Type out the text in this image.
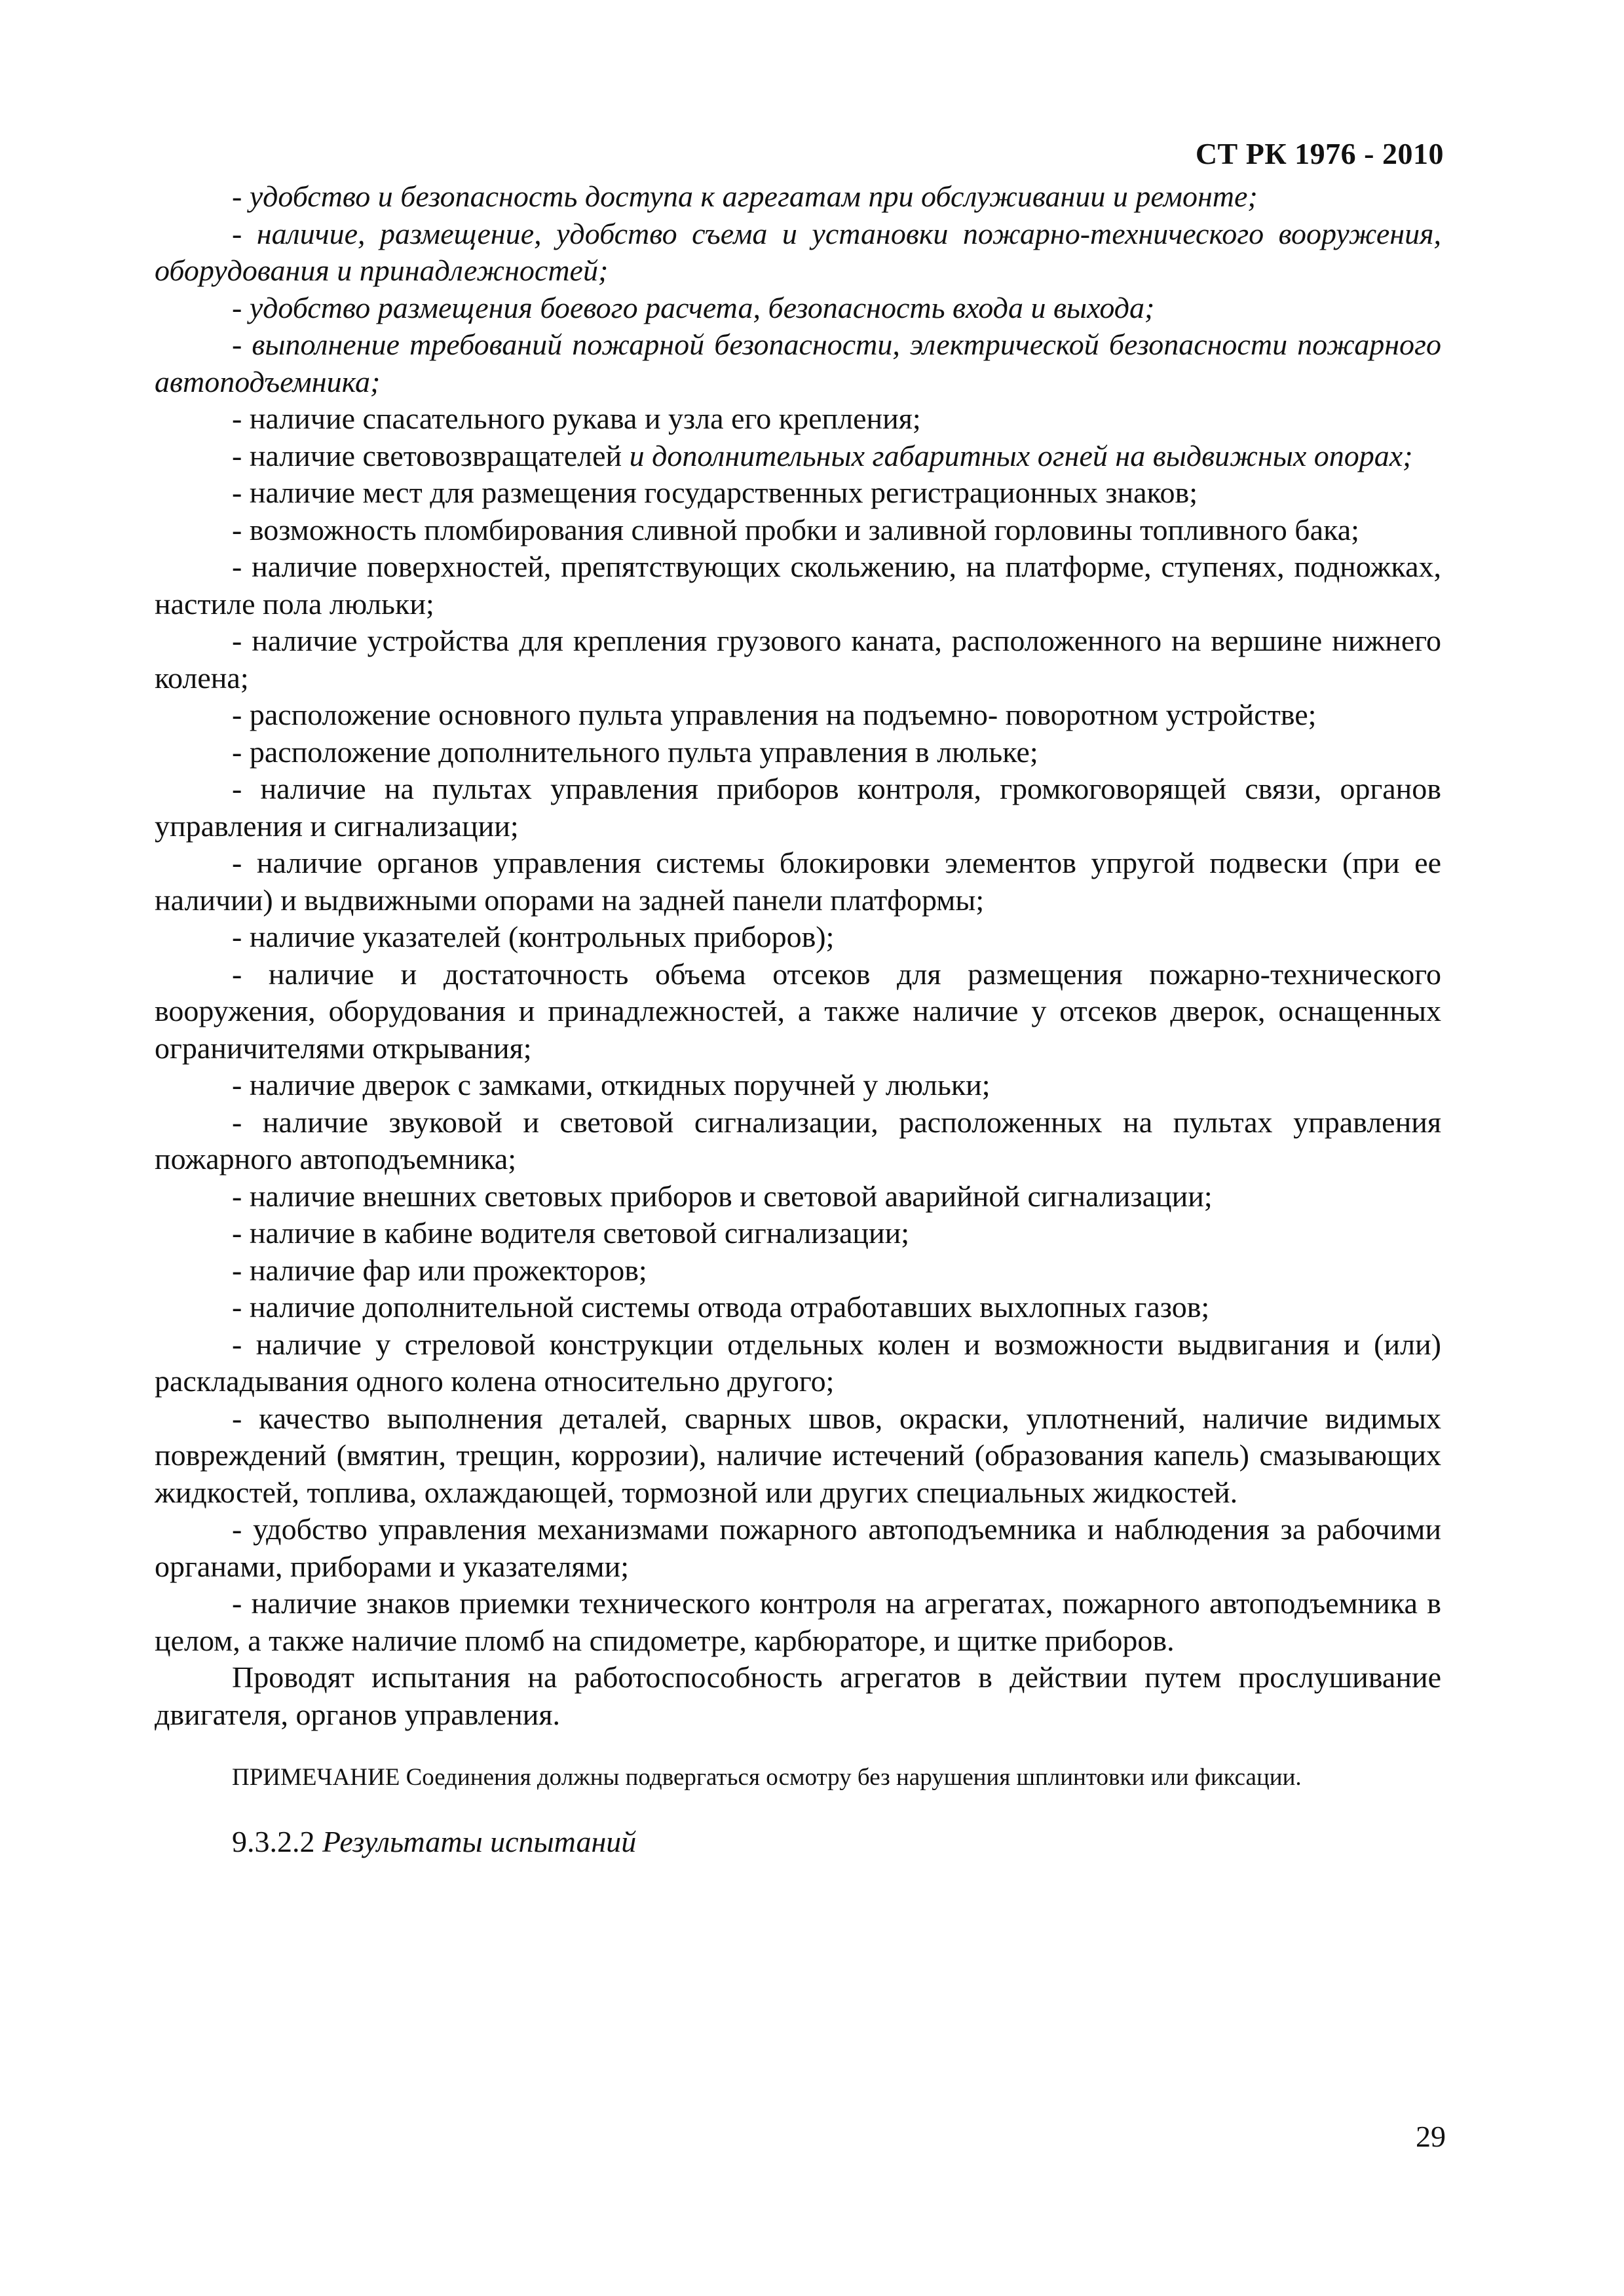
СТ РК 1976 - 2010

- удобство и безопасность доступа к агрегатам при обслуживании и ремонте;

- наличие, размещение, удобство съема и установки пожарно-технического вооружения, оборудования и принадлежностей;

- удобство размещения боевого расчета, безопасность входа и выхода;

- выполнение требований пожарной безопасности, электрической безопасности пожарного автоподъемника;

- наличие спасательного рукава и узла его крепления;

- наличие световозвращателей и дополнительных габаритных огней на выдвижных опорах;

- наличие мест для размещения государственных регистрационных знаков;

- возможность пломбирования сливной пробки и заливной горловины топливного бака;

- наличие поверхностей, препятствующих скольжению, на платформе, ступенях, подножках, настиле пола люльки;

- наличие устройства для крепления грузового каната, расположенного на вершине нижнего колена;

- расположение основного пульта управления на подъемно- поворотном устройстве;

- расположение дополнительного пульта управления в люльке;

- наличие на пультах управления приборов контроля, громкоговорящей связи, органов управления и сигнализации;

- наличие органов управления системы блокировки элементов упругой подвески (при ее наличии) и выдвижными опорами на задней панели платформы;

- наличие указателей (контрольных приборов);

- наличие и достаточность объема отсеков для размещения пожарно-технического вооружения, оборудования и принадлежностей, а также наличие у отсеков дверок, оснащенных ограничителями открывания;

- наличие дверок с замками, откидных поручней у люльки;

- наличие звуковой и световой сигнализации, расположенных на пультах управления пожарного автоподъемника;

- наличие внешних световых приборов и световой аварийной сигнализации;

- наличие в кабине водителя световой сигнализации;

- наличие фар или прожекторов;

- наличие дополнительной системы отвода отработавших выхлопных газов;

- наличие у стреловой конструкции отдельных колен и возможности выдвигания и (или) раскладывания одного колена относительно другого;

- качество выполнения деталей, сварных швов, окраски, уплотнений, наличие видимых повреждений (вмятин, трещин, коррозии), наличие истечений (образования капель) смазывающих жидкостей, топлива, охлаждающей, тормозной или других специальных жидкостей.

- удобство управления механизмами пожарного автоподъемника и наблюдения за рабочими органами, приборами и указателями;

- наличие знаков приемки технического контроля на агрегатах, пожарного автоподъемника в целом, а также наличие пломб на спидометре, карбюраторе, и щитке приборов.

Проводят испытания на работоспособность агрегатов в действии путем прослушивание двигателя, органов управления.

ПРИМЕЧАНИЕ Соединения должны подвергаться осмотру без нарушения шплинтовки или фиксации.

9.3.2.2 Результаты испытаний

29
